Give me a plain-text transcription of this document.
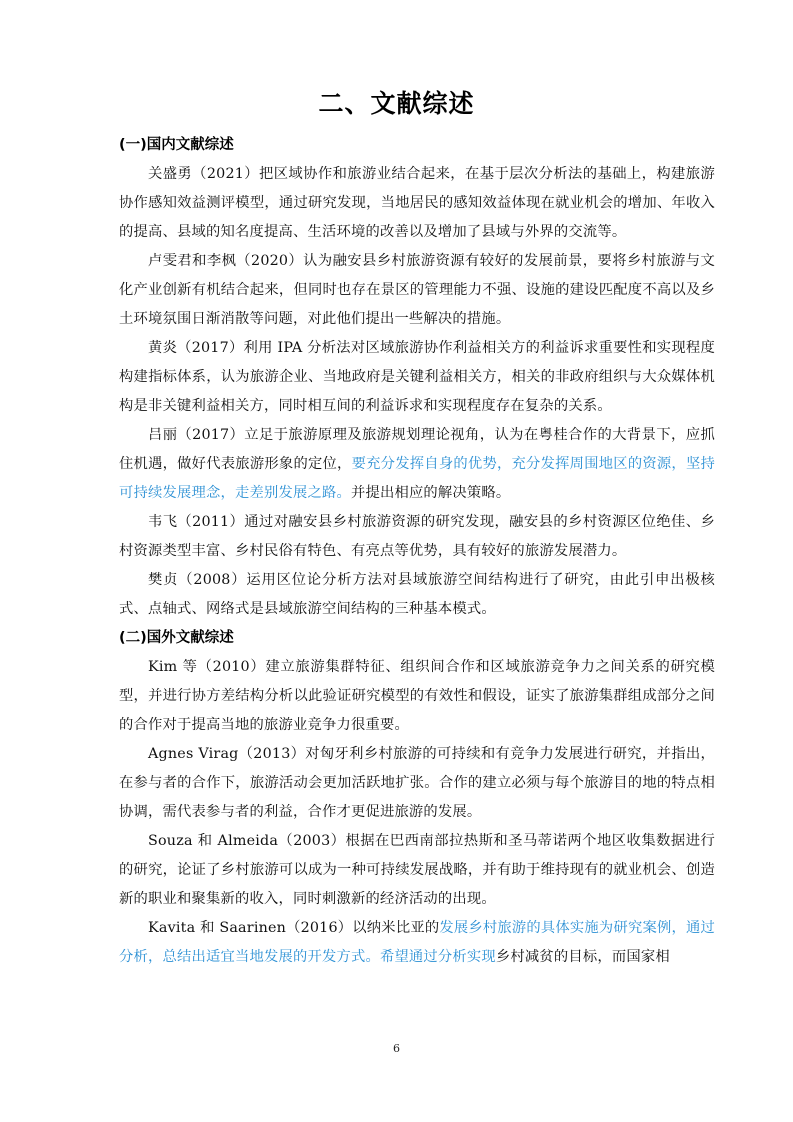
二、文献综述

(一)国内文献综述

关盛勇（2021）把区域协作和旅游业结合起来，在基于层次分析法的基础上，构建旅游协作感知效益测评模型，通过研究发现，当地居民的感知效益体现在就业机会的增加、年收入的提高、县域的知名度提高、生活环境的改善以及增加了县域与外界的交流等。

卢雯君和李枫（2020）认为融安县乡村旅游资源有较好的发展前景，要将乡村旅游与文化产业创新有机结合起来，但同时也存在景区的管理能力不强、设施的建设匹配度不高以及乡土环境氛围日渐消散等问题，对此他们提出一些解决的措施。

黄炎（2017）利用 IPA 分析法对区域旅游协作利益相关方的利益诉求重要性和实现程度构建指标体系，认为旅游企业、当地政府是关键利益相关方，相关的非政府组织与大众媒体机构是非关键利益相关方，同时相互间的利益诉求和实现程度存在复杂的关系。

吕丽（2017）立足于旅游原理及旅游规划理论视角，认为在粤桂合作的大背景下，应抓住机遇，做好代表旅游形象的定位，要充分发挥自身的优势，充分发挥周围地区的资源，坚持可持续发展理念，走差别发展之路。并提出相应的解决策略。

韦飞（2011）通过对融安县乡村旅游资源的研究发现，融安县的乡村资源区位绝佳、乡村资源类型丰富、乡村民俗有特色、有亮点等优势，具有较好的旅游发展潜力。

樊贞（2008）运用区位论分析方法对县域旅游空间结构进行了研究，由此引申出极核式、点轴式、网络式是县域旅游空间结构的三种基本模式。

(二)国外文献综述

Kim 等（2010）建立旅游集群特征、组织间合作和区域旅游竞争力之间关系的研究模型，并进行协方差结构分析以此验证研究模型的有效性和假设，证实了旅游集群组成部分之间的合作对于提高当地的旅游业竞争力很重要。

Agnes Virag（2013）对匈牙利乡村旅游的可持续和有竞争力发展进行研究，并指出，在参与者的合作下，旅游活动会更加活跃地扩张。合作的建立必须与每个旅游目的地的特点相协调，需代表参与者的利益，合作才更促进旅游的发展。

Souza 和 Almeida（2003）根据在巴西南部拉热斯和圣马蒂诺两个地区收集数据进行的研究，论证了乡村旅游可以成为一种可持续发展战略，并有助于维持现有的就业机会、创造新的职业和聚集新的收入，同时刺激新的经济活动的出现。

Kavita 和 Saarinen（2016）以纳米比亚的发展乡村旅游的具体实施为研究案例，通过分析，总结出适宜当地发展的开发方式。希望通过分析实现乡村减贫的目标，而国家相

6
